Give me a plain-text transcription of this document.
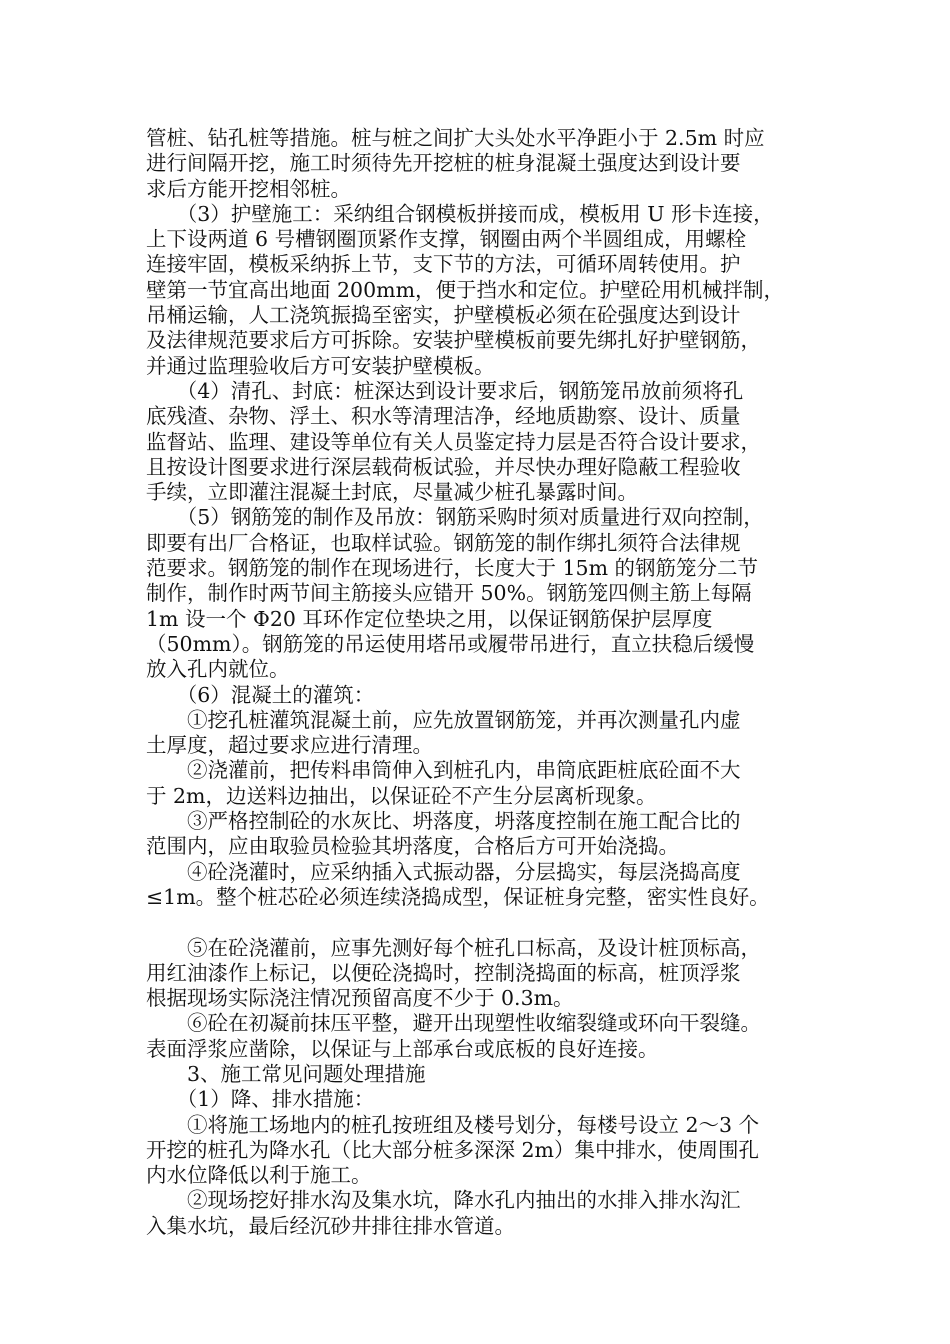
管桩、钻孔桩等措施。桩与桩之间扩大头处水平净距小于 2.5m 时应
进行间隔开挖，施工时须待先开挖桩的桩身混凝土强度达到设计要
求后方能开挖相邻桩。
　　（3）护壁施工：采纳组合钢模板拼接而成，模板用 U 形卡连接，
上下设两道 6 号槽钢圈顶紧作支撑，钢圈由两个半圆组成，用螺栓
连接牢固，模板采纳拆上节，支下节的方法，可循环周转使用。护
壁第一节宜高出地面 200mm，便于挡水和定位。护壁砼用机械拌制，
吊桶运输，人工浇筑振捣至密实，护壁模板必须在砼强度达到设计
及法律规范要求后方可拆除。安装护壁模板前要先绑扎好护壁钢筋，
并通过监理验收后方可安装护壁模板。
　　（4）清孔、封底：桩深达到设计要求后，钢筋笼吊放前须将孔
底残渣、杂物、浮土、积水等清理洁净，经地质勘察、设计、质量
监督站、监理、建设等单位有关人员鉴定持力层是否符合设计要求，
且按设计图要求进行深层载荷板试验，并尽快办理好隐蔽工程验收
手续，立即灌注混凝土封底，尽量减少桩孔暴露时间。
　　（5）钢筋笼的制作及吊放：钢筋采购时须对质量进行双向控制，
即要有出厂合格证，也取样试验。钢筋笼的制作绑扎须符合法律规
范要求。钢筋笼的制作在现场进行，长度大于 15m 的钢筋笼分二节
制作，制作时两节间主筋接头应错开 50%。钢筋笼四侧主筋上每隔
1m 设一个 Φ20 耳环作定位垫块之用，以保证钢筋保护层厚度
（50mm）。钢筋笼的吊运使用塔吊或履带吊进行，直立扶稳后缓慢
放入孔内就位。
　　（6）混凝土的灌筑：
　　①挖孔桩灌筑混凝土前，应先放置钢筋笼，并再次测量孔内虚
土厚度，超过要求应进行清理。
　　②浇灌前，把传料串筒伸入到桩孔内，串筒底距桩底砼面不大
于 2m，边送料边抽出，以保证砼不产生分层离析现象。
　　③严格控制砼的水灰比、坍落度，坍落度控制在施工配合比的
范围内，应由取验员检验其坍落度，合格后方可开始浇捣。
　　④砼浇灌时，应采纳插入式振动器，分层捣实，每层浇捣高度
≤1m。整个桩芯砼必须连续浇捣成型，保证桩身完整，密实性良好。
　　⑤在砼浇灌前，应事先测好每个桩孔口标高，及设计桩顶标高，
用红油漆作上标记，以便砼浇捣时，控制浇捣面的标高，桩顶浮浆
根据现场实际浇注情况预留高度不少于 0.3m。
　　⑥砼在初凝前抹压平整，避开出现塑性收缩裂缝或环向干裂缝。
表面浮浆应凿除，以保证与上部承台或底板的良好连接。
　　3、施工常见问题处理措施
　　（1）降、排水措施：
　　①将施工场地内的桩孔按班组及楼号划分，每楼号设立 2～3 个
开挖的桩孔为降水孔（比大部分桩多深深 2m）集中排水，使周围孔
内水位降低以利于施工。
　　②现场挖好排水沟及集水坑，降水孔内抽出的水排入排水沟汇
入集水坑，最后经沉砂井排往排水管道。
